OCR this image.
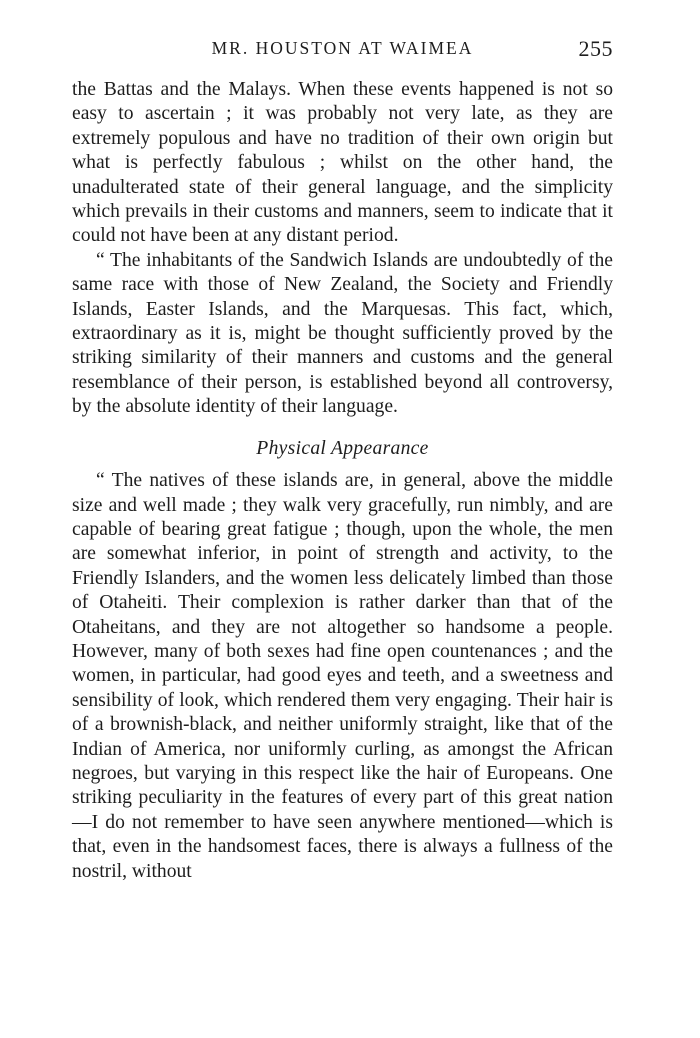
MR. HOUSTON AT WAIMEA	255

the Battas and the Malays. When these events happened is not so easy to ascertain ; it was probably not very late, as they are extremely populous and have no tradition of their own origin but what is perfectly fabulous ; whilst on the other hand, the unadulterated state of their general language, and the simplicity which prevails in their customs and manners, seem to indicate that it could not have been at any distant period.

“ The inhabitants of the Sandwich Islands are undoubtedly of the same race with those of New Zealand, the Society and Friendly Islands, Easter Islands, and the Marquesas. This fact, which, extraordinary as it is, might be thought sufficiently proved by the striking similarity of their manners and customs and the general resemblance of their person, is established beyond all controversy, by the absolute identity of their language.

Physical Appearance

“ The natives of these islands are, in general, above the middle size and well made ; they walk very gracefully, run nimbly, and are capable of bearing great fatigue ; though, upon the whole, the men are somewhat inferior, in point of strength and activity, to the Friendly Islanders, and the women less delicately limbed than those of Otaheiti. Their complexion is rather darker than that of the Otaheitans, and they are not altogether so handsome a people. However, many of both sexes had fine open countenances ; and the women, in particular, had good eyes and teeth, and a sweetness and sensibility of look, which rendered them very engaging. Their hair is of a brownish-black, and neither uniformly straight, like that of the Indian of America, nor uniformly curling, as amongst the African negroes, but varying in this respect like the hair of Europeans. One striking peculiarity in the features of every part of this great nation—I do not remember to have seen anywhere mentioned—which is that, even in the handsomest faces, there is always a fullness of the nostril, without
